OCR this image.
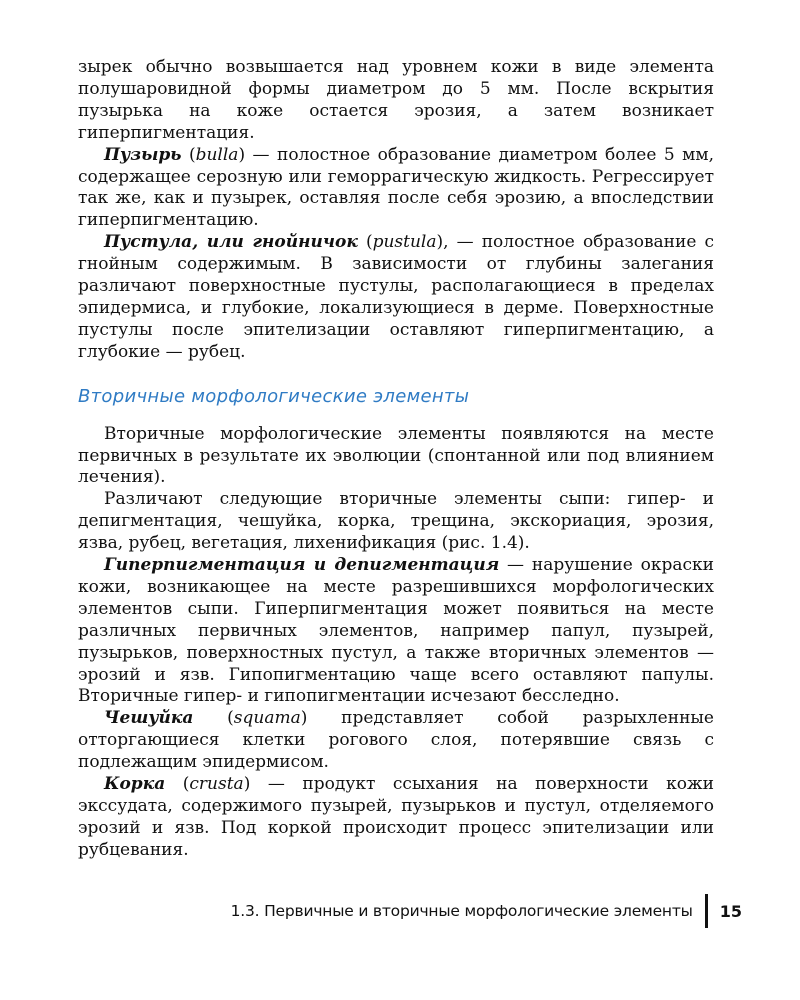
зырек обычно возвышается над уровнем кожи в виде элемента полушаровидной формы диаметром до 5 мм. После вскрытия пузырька на коже остается эрозия, а затем возникает гиперпигментация.

Пузырь (bulla) — полостное образование диаметром более 5 мм, содержащее серозную или геморрагическую жидкость. Регрессирует так же, как и пузырек, оставляя после себя эрозию, а впоследствии гиперпигментацию.

Пустула, или гнойничок (pustula), — полостное образование с гнойным содержимым. В зависимости от глубины залегания различают поверхностные пустулы, располагающиеся в пределах эпидермиса, и глубокие, локализующиеся в дерме. Поверхностные пустулы после эпителизации оставляют гиперпигментацию, а глубокие — рубец.

Вторичные морфологические элементы

Вторичные морфологические элементы появляются на месте первичных в результате их эволюции (спонтанной или под влиянием лечения).

Различают следующие вторичные элементы сыпи: гипер- и депигментация, чешуйка, корка, трещина, экскориация, эрозия, язва, рубец, вегетация, лихенификация (рис. 1.4).

Гиперпигментация и депигментация — нарушение окраски кожи, возникающее на месте разрешившихся морфологических элементов сыпи. Гиперпигментация может появиться на месте различных первичных элементов, например папул, пузырей, пузырьков, поверхностных пустул, а также вторичных элементов — эрозий и язв. Гипопигментацию чаще всего оставляют папулы. Вторичные гипер- и гипопигментации исчезают бесследно.

Чешуйка (squama) представляет собой разрыхленные отторгающиеся клетки рогового слоя, потерявшие связь с подлежащим эпидермисом.

Корка (crusta) — продукт ссыхания на поверхности кожи экссудата, содержимого пузырей, пузырьков и пустул, отделяемого эрозий и язв. Под коркой происходит процесс эпителизации или рубцевания.

1.3. Первичные и вторичные морфологические элементы 15
